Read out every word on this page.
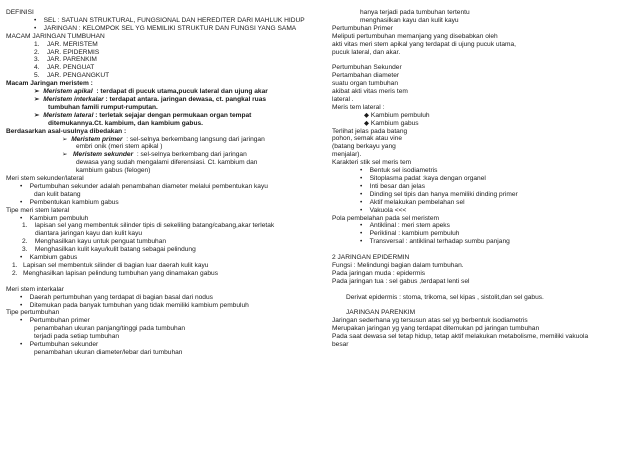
DEFINISI
•    SEL : SATUAN STRUKTURAL, FUNGSIONAL DAN HEREDITER DARI MAHLUK HIDUP
•    JARINGAN : KELOMPOK SEL YG MEMILIKI STRUKTUR DAN FUNGSI YANG SAMA
MACAM JARINGAN TUMBUHAN
1.    JAR. MERISTEM
2.    JAR. EPIDERMIS
3.    JAR. PARENKIM
4.    JAR. PENGUAT
5.    JAR. PENGANGKUT
Macam Jaringan meristem :
➢  Meristem apikal : terdapat di pucuk utama,pucuk lateral dan ujung akar
➢  Meristem interkalar : terdapat antara. jaringan dewasa, ct. pangkal ruas
tumbuhan famili rumput-rumputan.
➢  Meristem lateral : terletak sejajar dengan permukaan organ tempat
ditemukannya.Ct. kambium, dan kambium gabus.
Berdasarkan asal-usulnya dibedakan :
➢  Meristem primer : sel-selnya berkembang langsung dari jaringan
embri onik (meri stem apikal )
➢   Meristem sekunder : sel-selnya berkembang dari jaringan
dewasa yang sudah mengalami diferensiasi. Ct. kambium dan
kambium gabus (felogen)
Meri stem sekunder/lateral
•    Pertumbuhan sekunder adalah penambahan diameter melalui pembentukan kayu
dan kulit batang
•    Pembentukan kambium gabus
Tipe meri stem lateral
•    Kambium pembuluh
1.    lapisan sel yang membentuk silinder tipis di sekeliling batang/cabang,akar terletak
diantara jaringan kayu dan kulit kayu
2.    Menghasilkan kayu untuk penguat tumbuhan
3.    Menghasilkan kulit kayu/kulit batang sebagai pelindung
•    Kambium gabus
1.   Lapisan sel membentuk silinder di bagian luar daerah kulit kayu
2.   Menghasilkan lapisan pelindung tumbuhan yang dinamakan gabus
Meri stem interkalar
•    Daerah pertumbuhan yang terdapat di bagian basal dari nodus
•    Ditemukan pada banyak tumbuhan yang tidak memiliki kambium pembuluh
Tipe pertumbuhan
•    Pertumbuhan primer
penambahan ukuran panjang/tinggi pada tumbuhan
terjadi pada setiap tumbuhan
•    Pertumbuhan sekunder
penambahan ukuran diameter/lebar dari tumbuhan
hanya terjadi pada tumbuhan tertentu
menghasilkan kayu dan kulit kayu
Pertumbuhan Primer
Meliputi pertumbuhan memanjang yang disebabkan oleh
akti vitas meri stem apikal yang terdapat di ujung pucuk utama,
pucuk lateral, dan akar.
Pertumbuhan Sekunder
Pertambahan diameter
suatu organ tumbuhan
akibat akti vitas meris tem
lateral .
Meris tem lateral :
◆ Kambium pembuluh
◆ Kambium gabus
Terlihat jelas pada batang
pohon, semak atau vine
(batang berkayu yang
menjalar).
Karakteri stik sel meris tem
•    Bentuk sel isodiametris
•    Sitoplasma padat :kaya dengan organel
•    Inti besar dan jelas
•    Dinding sel tipis dan hanya memiliki dinding primer
•    Aktif melakukan pembelahan sel
•    Vakuola <<<
Pola pembelahan pada sel meristem
•    Antiklinal : meri stem apeks
•    Periklinal : kambium pembuluh
•    Transversal : antiklinal terhadap sumbu panjang
2 JARINGAN EPIDERMIN
Fungsi : Melindungi bagian dalam tumbuhan.
Pada jaringan muda : epidermis
Pada jaringan tua : sel gabus ,terdapat lenti sel
Derivat epidermis : stoma, trikoma, sel kipas , sistolit,dan sel gabus.
JARINGAN PARENKIM
Jaringan sederhana yg tersusun atas sel yg berbentuk isodiametris
Merupakan jaringan yg yang terdapat ditemukan pd jaringan tumbuhan
Pada saat dewasa sel tetap hidup, tetap aktif melakukan metabolisme, memiliki vakuola
besar
